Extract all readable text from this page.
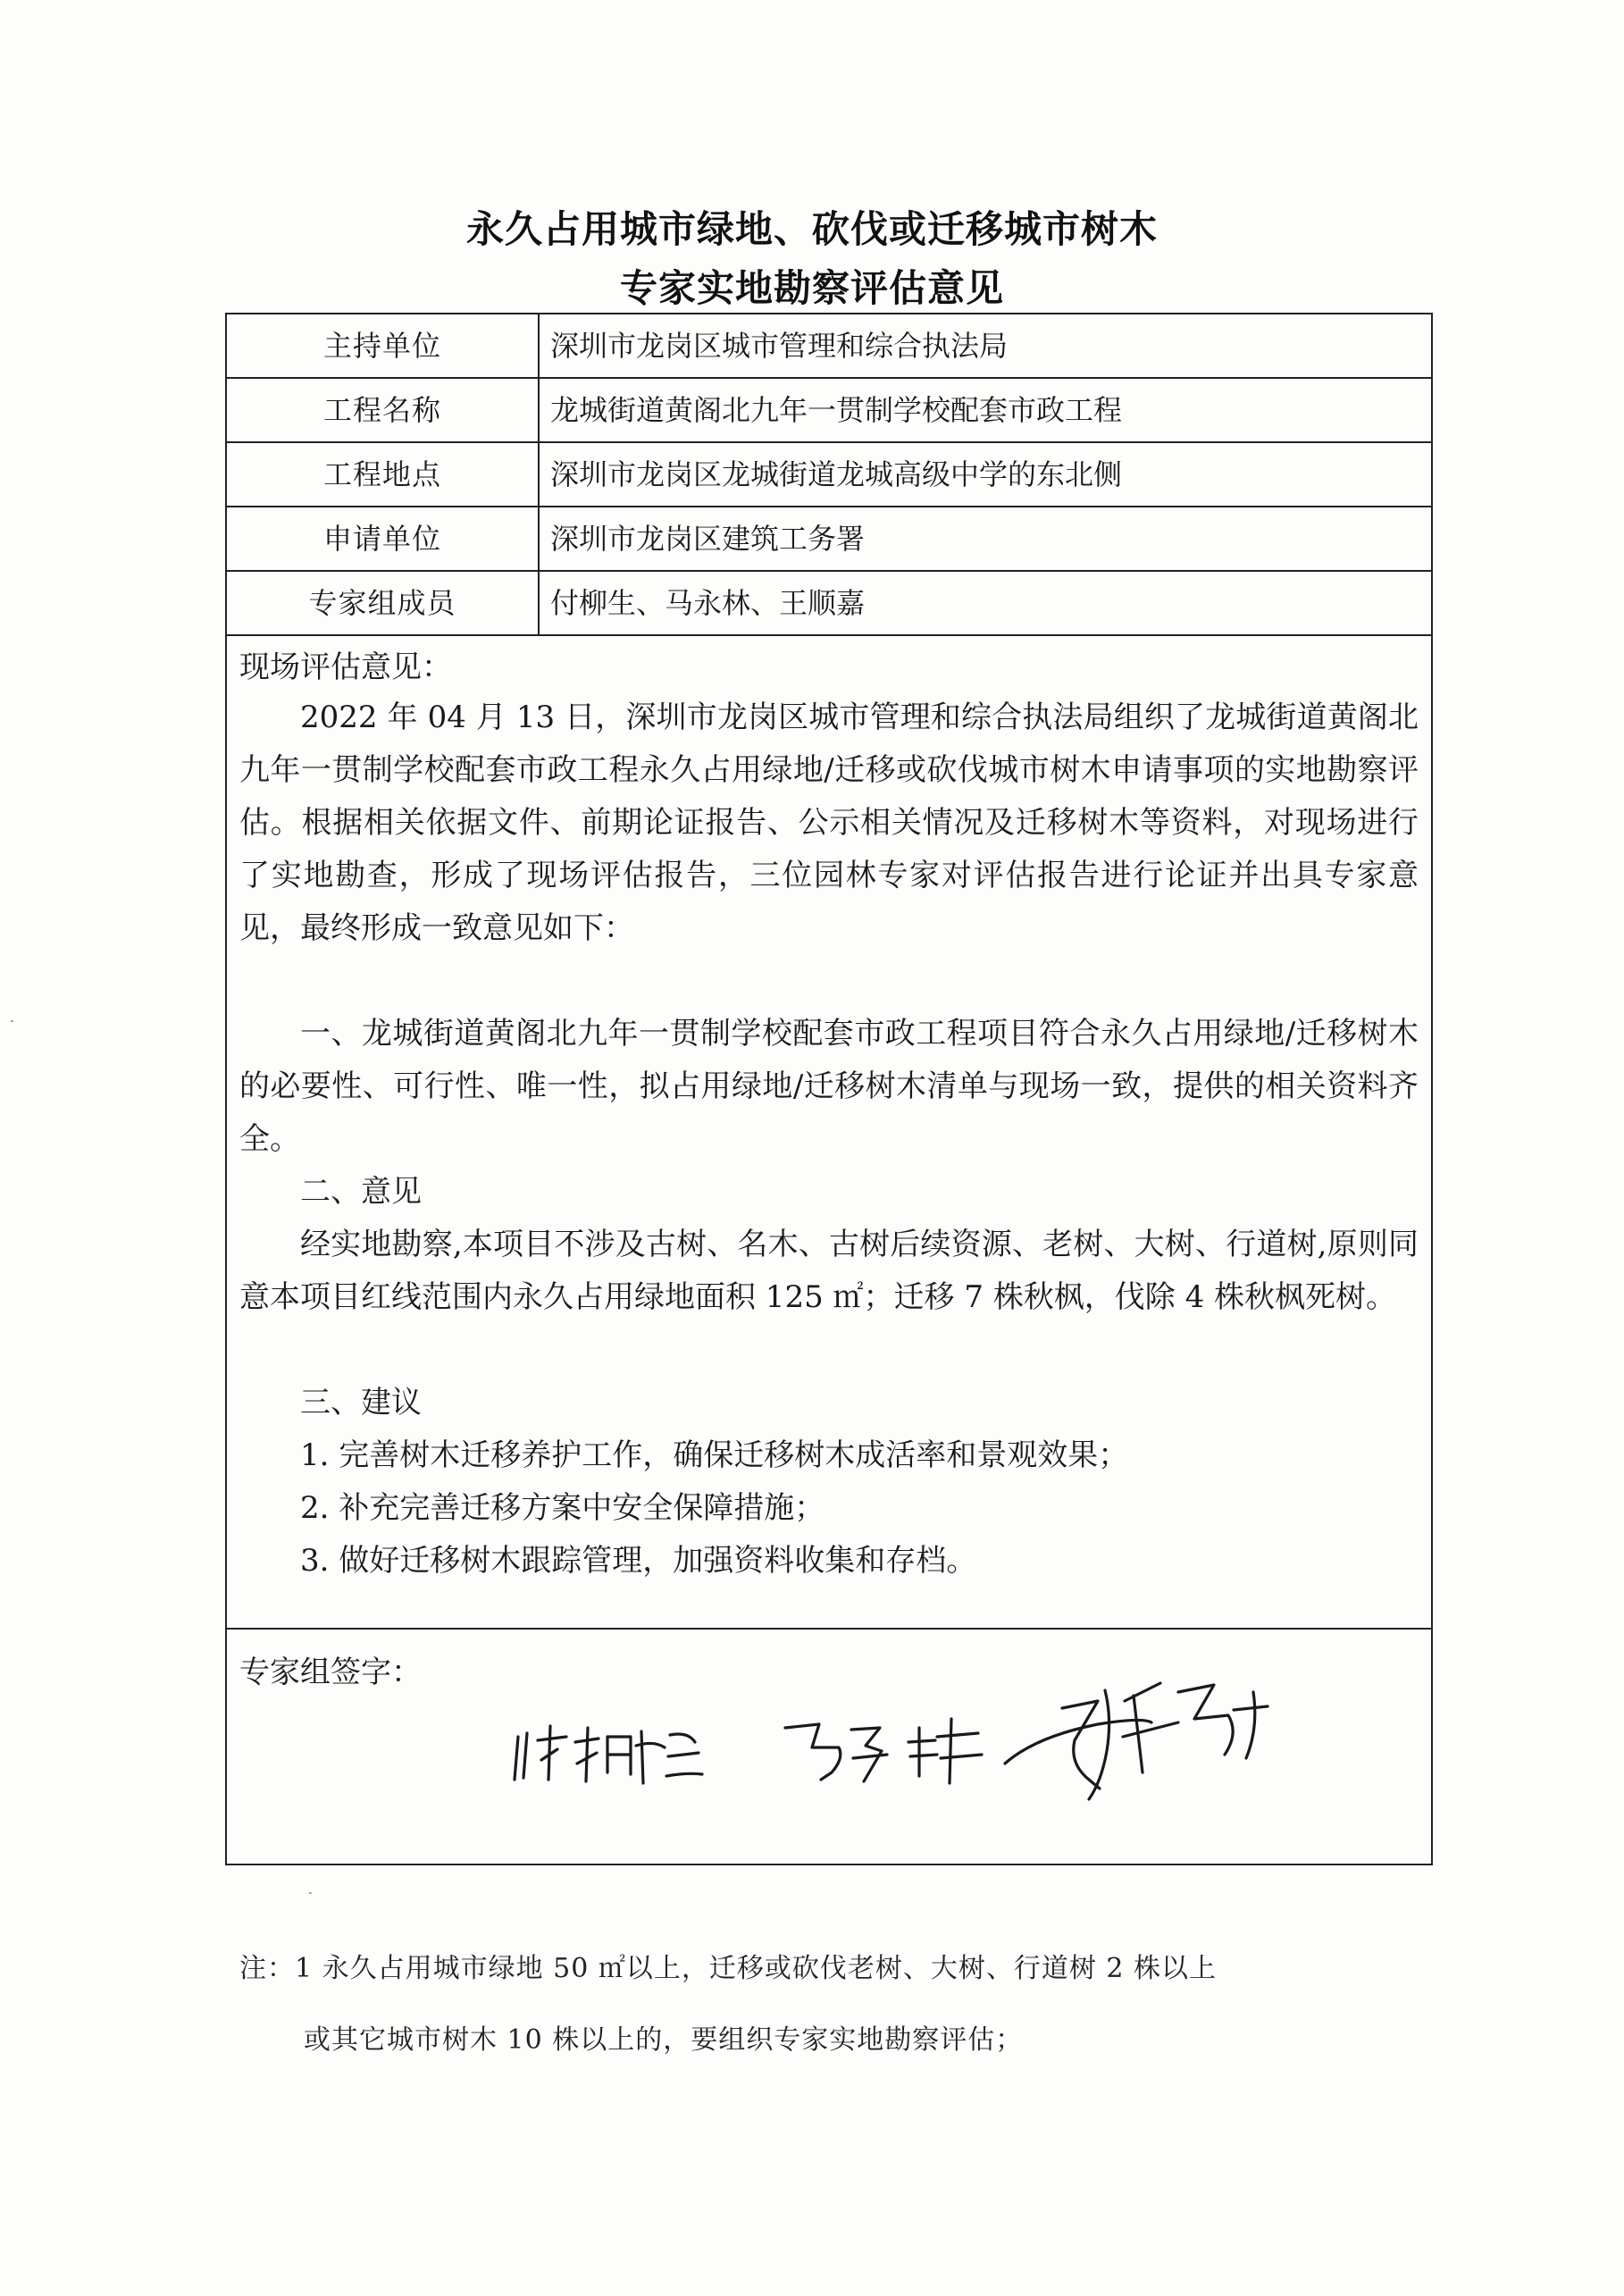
永久占用城市绿地、砍伐或迁移城市树木
专家实地勘察评估意见
主持单位	深圳市龙岗区城市管理和综合执法局
工程名称	龙城街道黄阁北九年一贯制学校配套市政工程
工程地点	深圳市龙岗区龙城街道龙城高级中学的东北侧
申请单位	深圳市龙岗区建筑工务署
专家组成员	付柳生、马永林、王顺嘉
现场评估意见：

2022 年 04 月 13 日，深圳市龙岗区城市管理和综合执法局组织了龙城街道黄阁北九年一贯制学校配套市政工程永久占用绿地/迁移或砍伐城市树木申请事项的实地勘察评估。根据相关依据文件、前期论证报告、公示相关情况及迁移树木等资料，对现场进行了实地勘查，形成了现场评估报告，三位园林专家对评估报告进行论证并出具专家意见，最终形成一致意见如下：

一、龙城街道黄阁北九年一贯制学校配套市政工程项目符合永久占用绿地/迁移树木的必要性、可行性、唯一性，拟占用绿地/迁移树木清单与现场一致，提供的相关资料齐全。

二、意见

经实地勘察,本项目不涉及古树、名木、古树后续资源、老树、大树、行道树,原则同意本项目红线范围内永久占用绿地面积 125 ㎡；迁移 7 株秋枫，伐除 4 株秋枫死树。

三、建议
1. 完善树木迁移养护工作，确保迁移树木成活率和景观效果；
2. 补充完善迁移方案中安全保障措施；
3. 做好迁移树木跟踪管理，加强资料收集和存档。
专家组签字：
注：1 永久占用城市绿地 50 ㎡以上，迁移或砍伐老树、大树、行道树 2 株以上
或其它城市树木 10 株以上的，要组织专家实地勘察评估；
